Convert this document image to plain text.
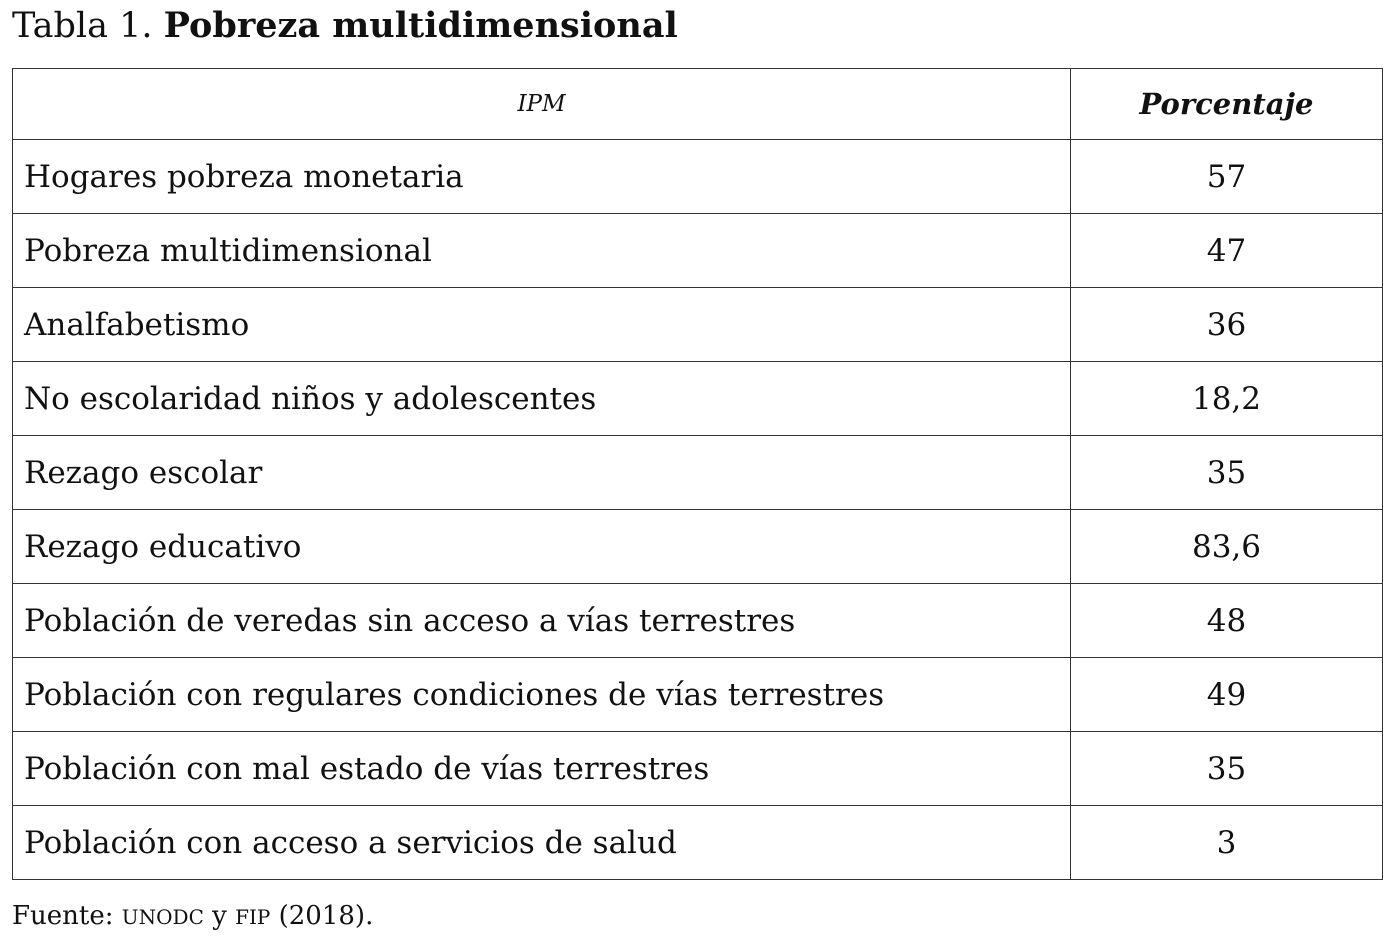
Tabla 1. Pobreza multidimensional
IPM	Porcentaje
Hogares pobreza monetaria	57
Pobreza multidimensional	47
Analfabetismo	36
No escolaridad niños y adolescentes	18,2
Rezago escolar	35
Rezago educativo	83,6
Población de veredas sin acceso a vías terrestres	48
Población con regulares condiciones de vías terrestres	49
Población con mal estado de vías terrestres	35
Población con acceso a servicios de salud	3
Fuente: UNODC y FIP (2018).
